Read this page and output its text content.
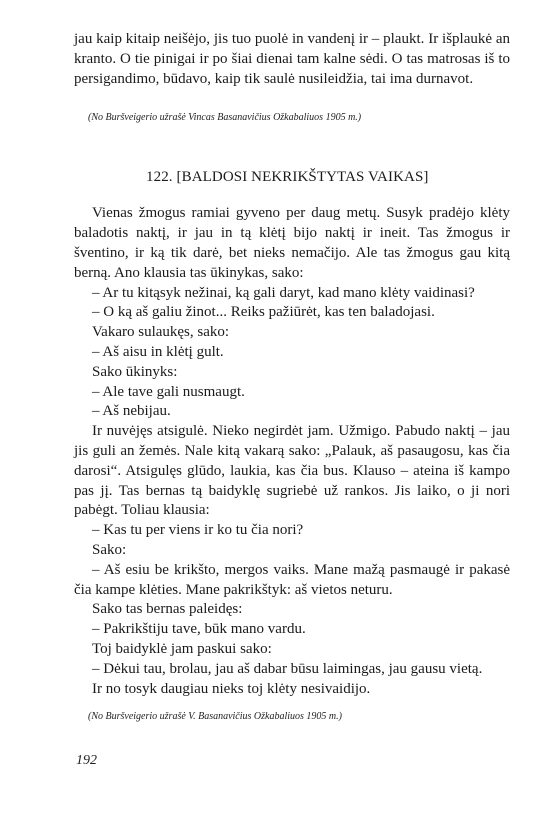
jau kaip kitaip neišėjo, jis tuo puolė in vandenį ir – plaukt. Ir išplaukė an kranto. O tie pinigai ir po šiai dienai tam kalne sėdi. O tas matrosas iš to persigandimo, būdavo, kaip tik saulė nusileidžia, tai ima durnavot.

(No Buršveigerio užrašė Vincas Basanavičius Ožkabaliuos 1905 m.)

122. [BALDOSI NEKRIKŠTYTAS VAIKAS]

Vienas žmogus ramiai gyveno per daug metų. Susyk pradėjo klėty baladotis naktį, ir jau in tą klėtį bijo naktį ir ineit. Tas žmogus ir šventino, ir ką tik darė, bet nieks nemačijo. Ale tas žmogus gau kitą berną. Ano klausia tas ūkinykas, sako:

– Ar tu kitąsyk nežinai, ką gali daryt, kad mano klėty vaidinasi?

– O ką aš galiu žinot... Reiks pažiūrėt, kas ten baladojasi.

Vakaro sulaukęs, sako:

– Aš aisu in klėtį gult.

Sako ūkinyks:

– Ale tave gali nusmaugt.

– Aš nebijau.

Ir nuvėjęs atsigulė. Nieko negirdėt jam. Užmigo. Pabudo naktį – jau jis guli an žemės. Nale kitą vakarą sako: „Palauk, aš pasaugosu, kas čia darosi“. Atsigulęs glūdo, laukia, kas čia bus. Klauso – ateina iš kampo pas jį. Tas bernas tą baidyklę sugriebė už rankos. Jis laiko, o ji nori pabėgt. Toliau klausia:

– Kas tu per viens ir ko tu čia nori?

Sako:

– Aš esiu be krikšto, mergos vaiks. Mane mažą pasmaugė ir pakasė čia kampe klėties. Mane pakrikštyk: aš vietos neturu.

Sako tas bernas paleidęs:

– Pakrikštiju tave, būk mano vardu.

Toj baidyklė jam paskui sako:

– Dėkui tau, brolau, jau aš dabar būsu laimingas, jau gausu vietą.

Ir no tosyk daugiau nieks toj klėty nesivaidijo.

(No Buršveigerio užrašė V. Basanavičius Ožkabaliuos 1905 m.)

192
